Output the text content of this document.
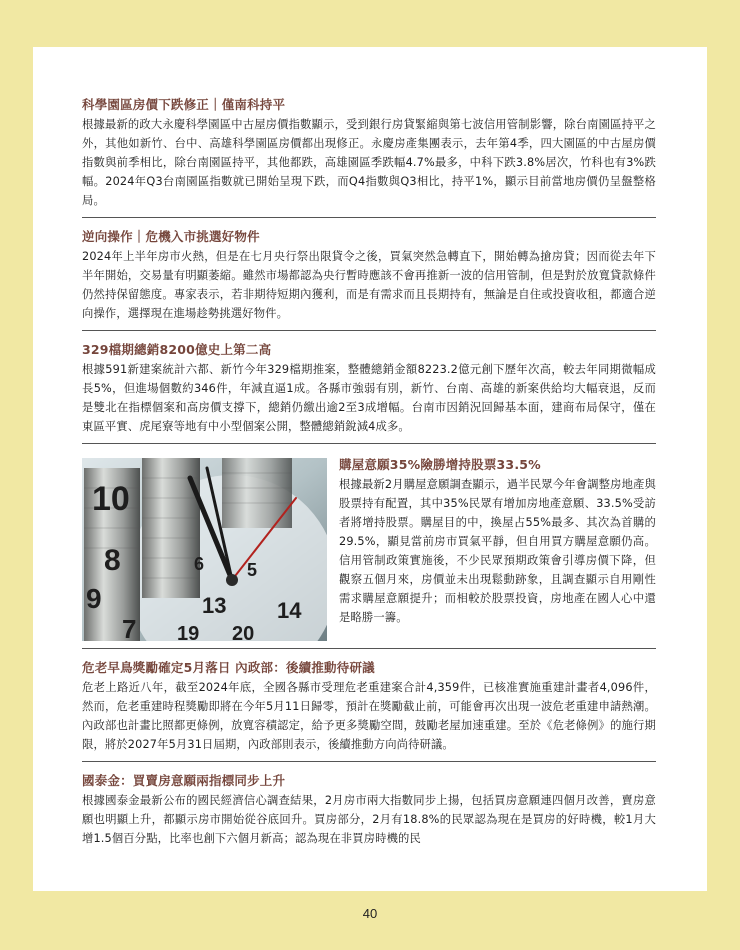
科學園區房價下跌修正｜僅南科持平

根據最新的政大永慶科學園區中古屋房價指數顯示，受到銀行房貸緊縮與第七波信用管制影響，除台南園區持平之外，其他如新竹、台中、高雄科學園區房價都出現修正。永慶房產集團表示，去年第4季，四大園區的中古屋房價指數與前季相比，除台南園區持平，其他都跌，高雄園區季跌幅4.7%最多，中科下跌3.8%居次，竹科也有3%跌幅。2024年Q3台南園區指數就已開始呈現下跌，而Q4指數與Q3相比，持平1%，顯示目前當地房價仍呈盤整格局。

逆向操作｜危機入市挑選好物件

2024年上半年房市火熱，但是在七月央行祭出限貸令之後，買氣突然急轉直下，開始轉為搶房貸；因而從去年下半年開始，交易量有明顯萎縮。雖然市場都認為央行暫時應該不會再推新一波的信用管制，但是對於放寬貸款條件仍然持保留態度。專家表示，若非期待短期內獲利，而是有需求而且長期持有，無論是自住或投資收租，都適合逆向操作，選擇現在進場趁勢挑選好物件。

329檔期總銷8200億史上第二高

根據591新建案統計六都、新竹今年329檔期推案，整體總銷金額8223.2億元創下歷年次高，較去年同期微幅成長5%，但進場個數約346件，年減直逼1成。各縣市強弱有別，新竹、台南、高雄的新案供給均大幅衰退，反而是雙北在指標個案和高房價支撐下，總銷仍繳出逾2至3成增幅。台南市因銷況回歸基本面，建商布局保守，僅在東區平實、虎尾寮等地有中小型個案公開，整體總銷銳減4成多。

10
8
9
7
6 5
13 14
19 20
購屋意願35%險勝增持股票33.5%

根據最新2月購屋意願調查顯示，過半民眾今年會調整房地產與股票持有配置，其中35%民眾有增加房地產意願、33.5%受訪者將增持股票。購屋目的中，換屋占55%最多、其次為首購的29.5%，顯見當前房市買氣平靜，但自用買方購屋意願仍高。信用管制政策實施後，不少民眾預期政策會引導房價下降，但觀察五個月來，房價並未出現鬆動跡象，且調查顯示自用剛性需求購屋意願提升；而相較於股票投資，房地產在國人心中還是略勝一籌。

危老早鳥獎勵確定5月落日 內政部：後續推動待研議

危老上路近八年，截至2024年底，全國各縣市受理危老重建案合計4,359件，已核准實施重建計畫者4,096件，然而，危老重建時程獎勵即將在今年5月11日歸零，預計在獎勵截止前，可能會再次出現一波危老重建申請熱潮。內政部也計畫比照都更條例，放寬容積認定，給予更多獎勵空間，鼓勵老屋加速重建。至於《危老條例》的施行期限，將於2027年5月31日屆期，內政部則表示，後續推動方向尚待研議。

國泰金：買賣房意願兩指標同步上升

根據國泰金最新公布的國民經濟信心調查結果，2月房市兩大指數同步上揚，包括買房意願連四個月改善，賣房意願也明顯上升，都顯示房市開始從谷底回升。買房部分，2月有18.8%的民眾認為現在是買房的好時機，較1月大增1.5個百分點，比率也創下六個月新高；認為現在非買房時機的民

40
